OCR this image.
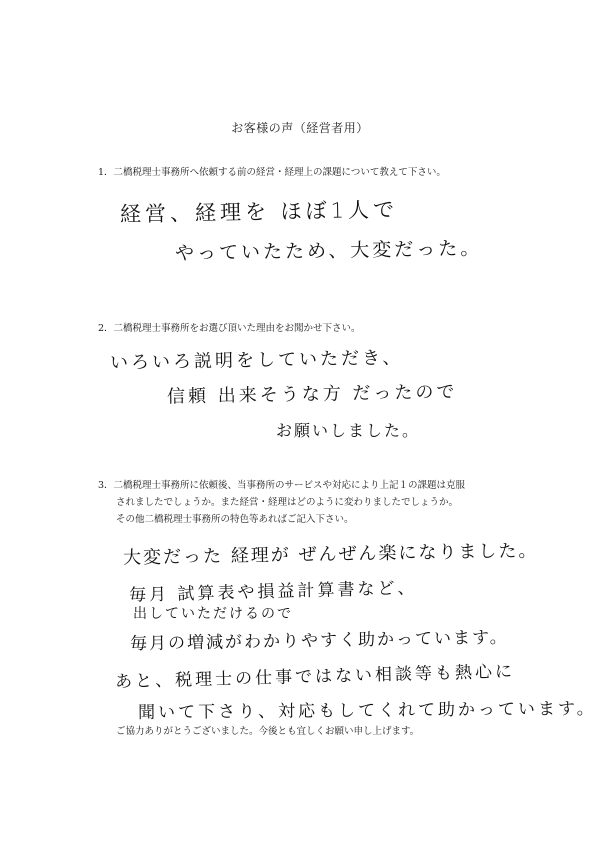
お客様の声（経営者用）
1．二橋税理士事務所へ依頼する前の経営・経理上の課題について教えて下さい。
経営、経理を ほぼ1人で
やっていたため、大変だった。
2．二橋税理士事務所をお選び頂いた理由をお聞かせ下さい。
いろいろ説明をしていただき、
信頼 出来そうな方 だったので
お願いしました。
3．二橋税理士事務所に依頼後、当事務所のサービスや対応により上記１の課題は克服
されましたでしょうか。また経営・経理はどのように変わりましたでしょうか。
その他二橋税理士事務所の特色等あればご記入下さい。
大変だった 経理が ぜんぜん楽になりました。
毎月 試算表や損益計算書など、
出していただけるので
毎月の増減がわかりやすく助かっています。
あと、税理士の仕事ではない相談等も熱心に
聞いて下さり、対応もしてくれて助かっています。
ご協力ありがとうございました。今後とも宜しくお願い申し上げます。
